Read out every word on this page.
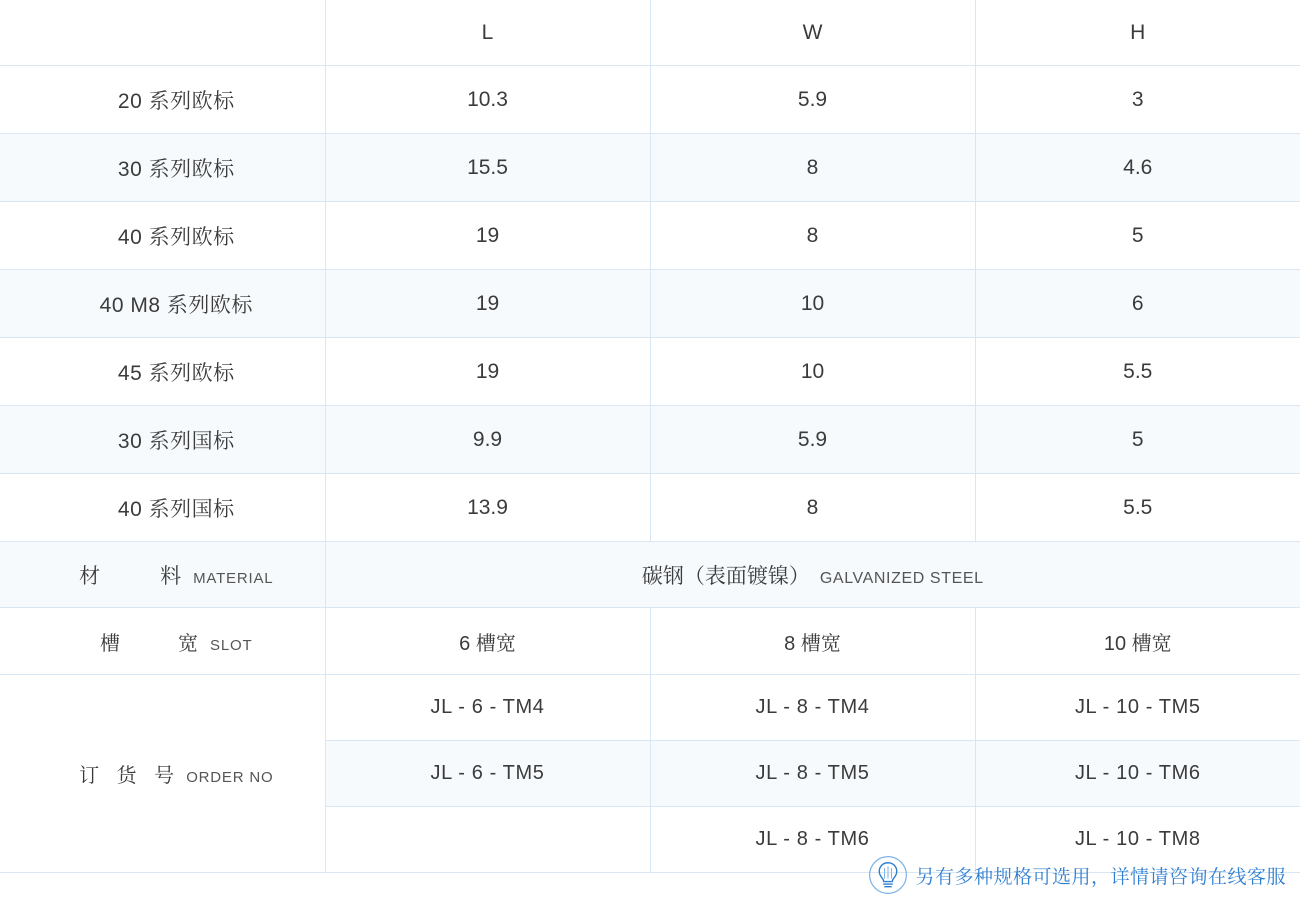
	L	W	H
20 系列欧标	10.3	5.9	3
30 系列欧标	15.5	8	4.6
40 系列欧标	19	8	5
40 M8 系列欧标	19	10	6
45 系列欧标	19	10	5.5
30 系列国标	9.9	5.9	5
40 系列国标	13.9	8	5.5
材　　料 MATERIAL	碳钢（表面镀镍） GALVANIZED STEEL		
槽　　宽 SLOT	6 槽宽	8 槽宽	10 槽宽
订 货 号 ORDER NO	JL - 6 - TM4	JL - 8 - TM4	JL - 10 - TM5
	JL - 6 - TM5	JL - 8 - TM5	JL - 10 - TM6
		JL - 8 - TM6	JL - 10 - TM8
另有多种规格可选用，详情请咨询在线客服
